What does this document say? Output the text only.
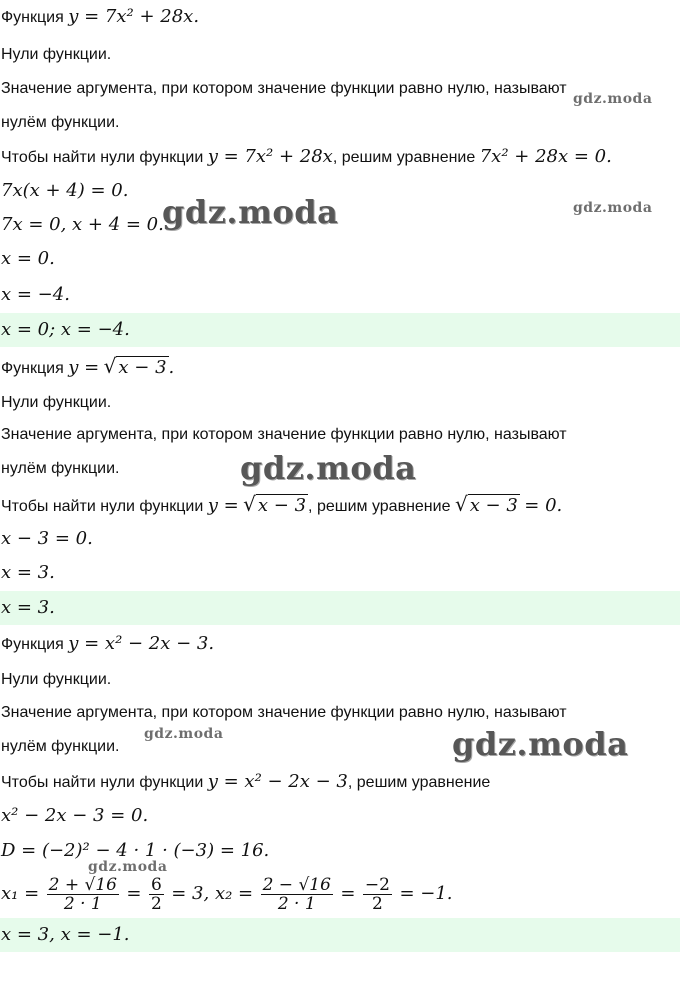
Функция y = 7x² + 28x.
Нули функции.
Значение аргумента, при котором значение функции равно нулю, называют
нулём функции.
Чтобы найти нули функции y = 7x² + 28x, решим уравнение 7x² + 28x = 0.
7x(x + 4) = 0.
7x = 0, x + 4 = 0.
x = 0.
x = −4.
x = 0; x = −4.
Функция y = √ x − 3 .
Нули функции.
Значение аргумента, при котором значение функции равно нулю, называют
нулём функции.
Чтобы найти нули функции y = √ x − 3 , решим уравнение √ x − 3 = 0.
x − 3 = 0.
x = 3.
x = 3.
Функция y = x² − 2x − 3.
Нули функции.
Значение аргумента, при котором значение функции равно нулю, называют
нулём функции.
Чтобы найти нули функции y = x² − 2x − 3, решим уравнение
x² − 2x − 3 = 0.
D = (−2)² − 4 · 1 · (−3) = 16.
$x_1 = \frac{2 + √16}{2 \cdot 1} = \frac{6}{2} = 3$, $x_2 = \frac{2 - √16}{2 \cdot 1} = \frac{-2}{2} = -1$.
x = 3, x = −1.
gdz.moda
gdz.moda	gdz.moda
gdz.moda
gdz.moda	gdz.moda
gdz.moda
